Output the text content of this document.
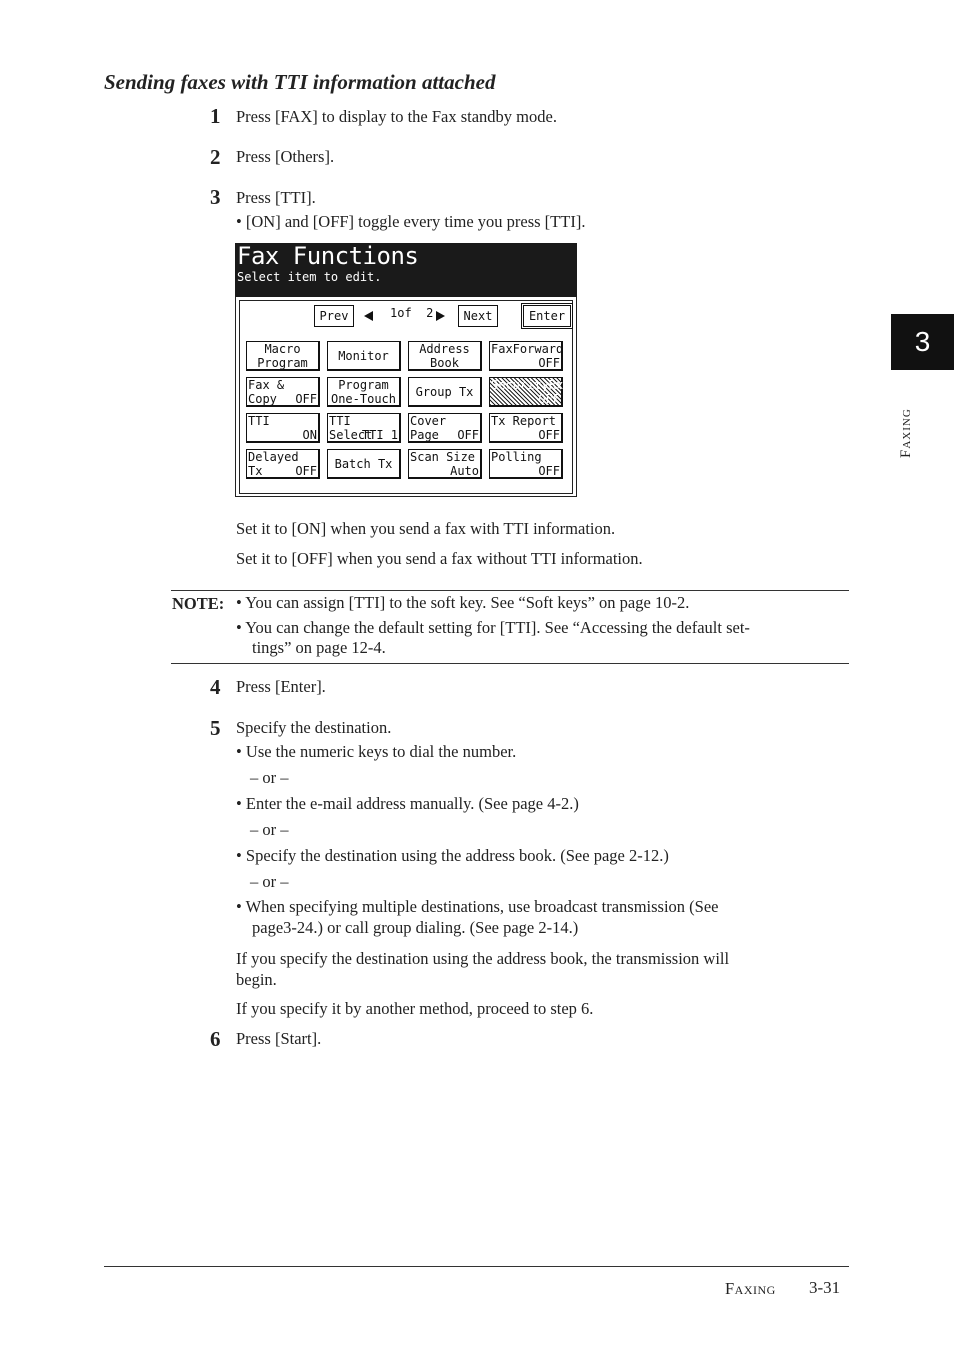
Sending faxes with TTI information attached
1 Press [FAX] to display to the Fax standby mode.
2 Press [Others].
3 Press [TTI].
• [ON] and [OFF] toggle every time you press [TTI].
Fax Functions
Select item to edit.
Prev	1of  2	Next	Enter
Macro
Program	Monitor	Address
Book
FaxForward
OFF
Fax & Copy	OFF
Program
One-Touch	Group Tx	SecurityRx
OFF
TTI
ON
TTI Select
TTI 1
Cover Page	OFF
Tx Report
OFF
Delayed Tx	OFF	Batch Tx	Scan Size
Auto
Polling
OFF
Set it to [ON] when you send a fax with TTI information.
Set it to [OFF] when you send a fax without TTI information.
NOTE: • You can assign [TTI] to the soft key. See “Soft keys” on page 10-2.
• You can change the default setting for [TTI]. See “Accessing the default set-
tings” on page 12-4.
4 Press [Enter].
5 Specify the destination.
• Use the numeric keys to dial the number.
– or –
• Enter the e-mail address manually. (See page 4-2.)
– or –
• Specify the destination using the address book. (See page 2-12.)
– or –
• When specifying multiple destinations, use broadcast transmission (See
page3-24.) or call group dialing. (See page 2-14.)
If you specify the destination using the address book, the transmission will
begin.
If you specify it by another method, proceed to step 6.
6 Press [Start].
3
Faxing
Faxing 3-31
